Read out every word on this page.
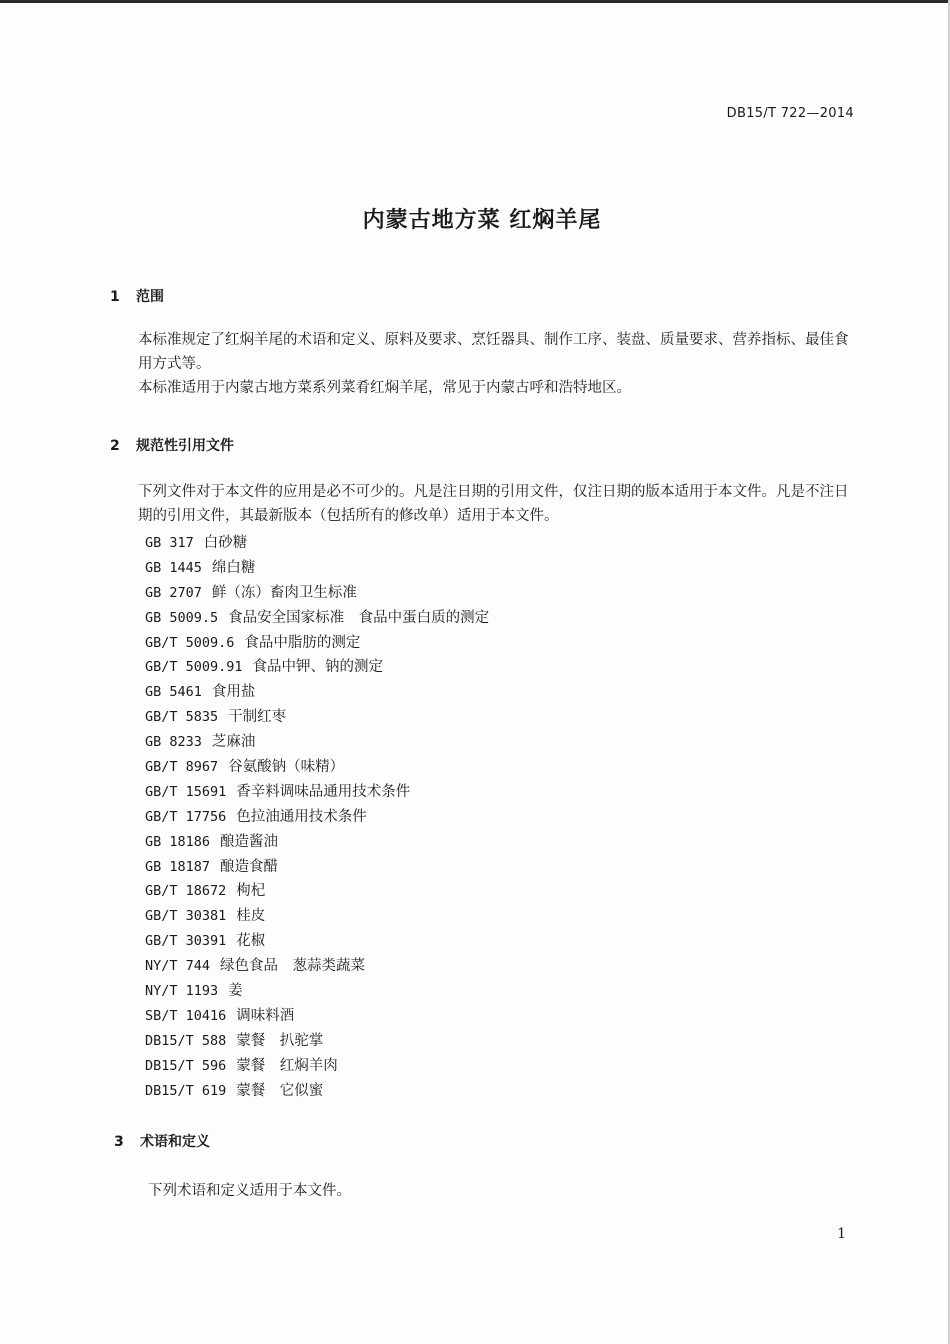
DB15/T 722—2014
内蒙古地方菜 红焖羊尾
1 范围
本标准规定了红焖羊尾的术语和定义、原料及要求、烹饪器具、制作工序、装盘、质量要求、营养指标、最佳食用方式等。
本标准适用于内蒙古地方菜系列菜肴红焖羊尾，常见于内蒙古呼和浩特地区。
2 规范性引用文件
下列文件对于本文件的应用是必不可少的。凡是注日期的引用文件，仅注日期的版本适用于本文件。凡是不注日期的引用文件，其最新版本（包括所有的修改单）适用于本文件。
GB 317 白砂糖
GB 1445 绵白糖
GB 2707 鲜（冻）畜肉卫生标准
GB 5009.5 食品安全国家标准　食品中蛋白质的测定
GB/T 5009.6 食品中脂肪的测定
GB/T 5009.91 食品中钾、钠的测定
GB 5461 食用盐
GB/T 5835 干制红枣
GB 8233 芝麻油
GB/T 8967 谷氨酸钠（味精）
GB/T 15691 香辛料调味品通用技术条件
GB/T 17756 色拉油通用技术条件
GB 18186 酿造酱油
GB 18187 酿造食醋
GB/T 18672 枸杞
GB/T 30381 桂皮
GB/T 30391 花椒
NY/T 744 绿色食品　葱蒜类蔬菜
NY/T 1193 姜
SB/T 10416 调味料酒
DB15/T 588 蒙餐　扒驼掌
DB15/T 596 蒙餐　红焖羊肉
DB15/T 619 蒙餐　它似蜜
3 术语和定义
下列术语和定义适用于本文件。
1
